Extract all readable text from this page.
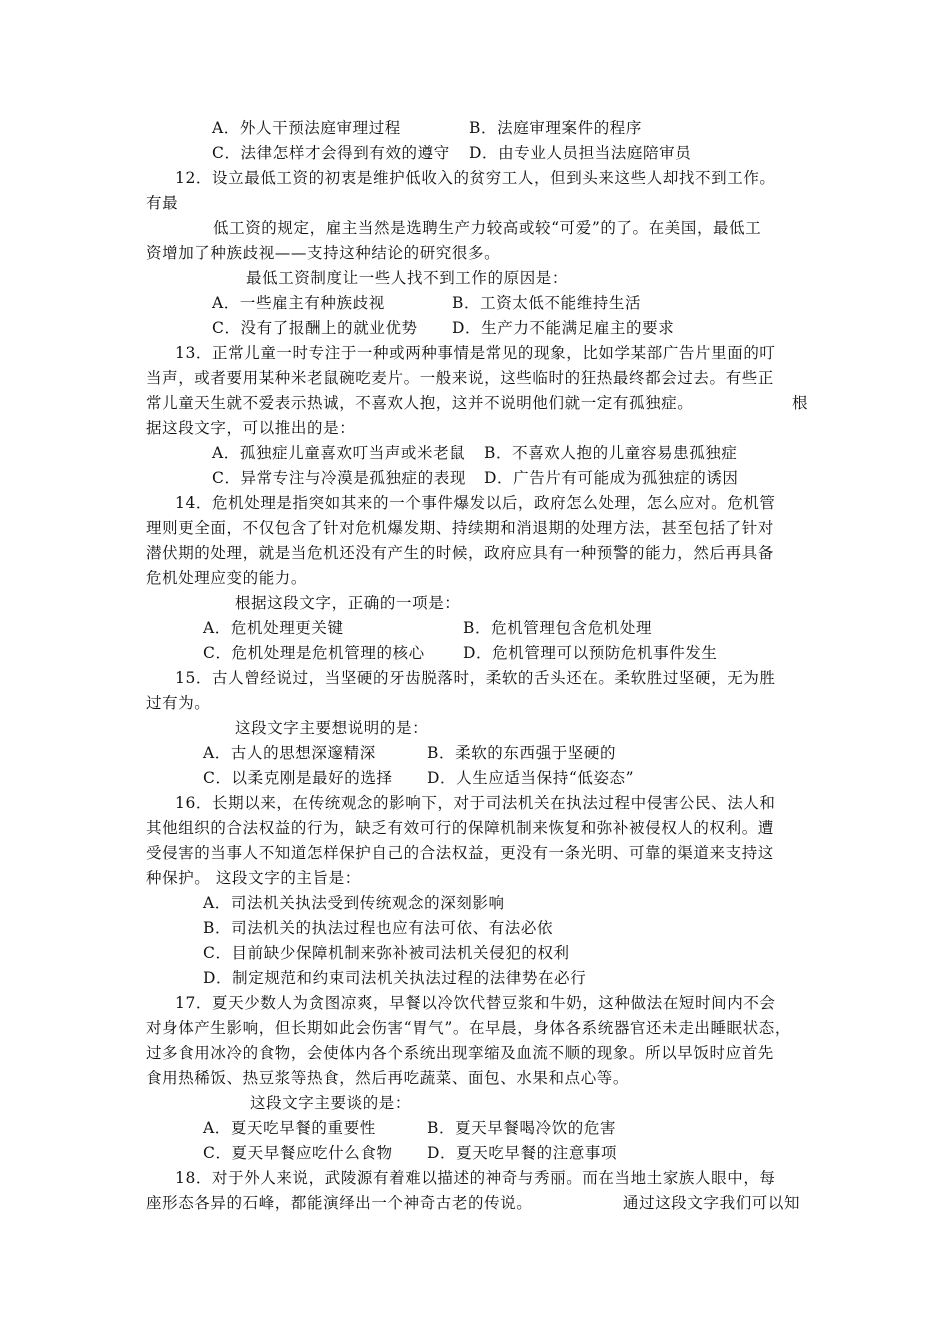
A．外人干预法庭审理过程	B．法庭审理案件的程序
C．法律怎样才会得到有效的遵守 D．由专业人员担当法庭陪审员
12．设立最低工资的初衷是维护低收入的贫穷工人，但到头来这些人却找不到工作。
有最
低工资的规定，雇主当然是选聘生产力较高或较“可爱”的了。在美国，最低工
资增加了种族歧视——支持这种结论的研究很多。
最低工资制度让一些人找不到工作的原因是：
A．一些雇主有种族歧视	B．工资太低不能维持生活
C．没有了报酬上的就业优势 D．生产力不能满足雇主的要求
13．正常儿童一时专注于一种或两种事情是常见的现象，比如学某部广告片里面的叮
当声，或者要用某种米老鼠碗吃麦片。一般来说，这些临时的狂热最终都会过去。有些正
常儿童天生就不爱表示热诚，不喜欢人抱，这并不说明他们就一定有孤独症。	根
据这段文字，可以推出的是：
A．孤独症儿童喜欢叮当声或米老鼠 B．不喜欢人抱的儿童容易患孤独症
C．异常专注与冷漠是孤独症的表现 D．广告片有可能成为孤独症的诱因
14．危机处理是指突如其来的一个事件爆发以后，政府怎么处理，怎么应对。危机管
理则更全面，不仅包含了针对危机爆发期、持续期和消退期的处理方法，甚至包括了针对
潜伏期的处理，就是当危机还没有产生的时候，政府应具有一种预警的能力，然后再具备
危机处理应变的能力。
根据这段文字，正确的一项是：
A．危机处理更关键	B．危机管理包含危机处理
C．危机处理是危机管理的核心 D．危机管理可以预防危机事件发生
15．古人曾经说过，当坚硬的牙齿脱落时，柔软的舌头还在。柔软胜过坚硬，无为胜
过有为。
这段文字主要想说明的是：
A．古人的思想深邃精深	B．柔软的东西强于坚硬的
C．以柔克刚是最好的选择 D．人生应适当保持“低姿态”
16．长期以来，在传统观念的影响下，对于司法机关在执法过程中侵害公民、法人和
其他组织的合法权益的行为，缺乏有效可行的保障机制来恢复和弥补被侵权人的权利。遭
受侵害的当事人不知道怎样保护自己的合法权益，更没有一条光明、可靠的渠道来支持这
种保护。 这段文字的主旨是：
A．司法机关执法受到传统观念的深刻影响
B．司法机关的执法过程也应有法可依、有法必依
C．目前缺少保障机制来弥补被司法机关侵犯的权利
D．制定规范和约束司法机关执法过程的法律势在必行
17．夏天少数人为贪图凉爽，早餐以冷饮代替豆浆和牛奶，这种做法在短时间内不会
对身体产生影响，但长期如此会伤害“胃气”。在早晨，身体各系统器官还未走出睡眠状态，
过多食用冰冷的食物，会使体内各个系统出现挛缩及血流不顺的现象。所以早饭时应首先
食用热稀饭、热豆浆等热食，然后再吃蔬菜、面包、水果和点心等。
这段文字主要谈的是：
A．夏天吃早餐的重要性	B．夏天早餐喝冷饮的危害
C．夏天早餐应吃什么食物 D．夏天吃早餐的注意事项
18．对于外人来说，武陵源有着难以描述的神奇与秀丽。而在当地土家族人眼中，每
座形态各异的石峰，都能演绎出一个神奇古老的传说。	通过这段文字我们可以知
